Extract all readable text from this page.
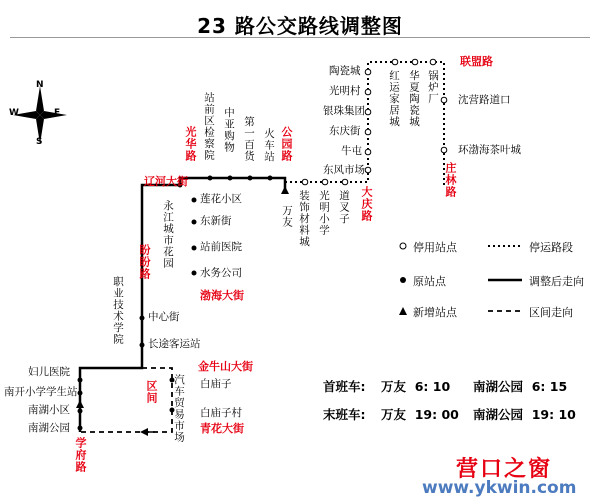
23 路公交路线调整图
N
S
E
W	站前区检察院 中亚购物 第一百货 火车站
光华路	公园路
辽河大街
万友
莲花小区
东新街
站前医院
水务公司
渤海大街
永江城市花园
盼盼路
职业技术学院 中心街
长途客运站
妇儿医院
南开小学学生站
南湖小区
南湖公园
学府路
金牛山大街
区间 汽车贸易市场 白庙子
白庙子村
青花大街
装饰材料城 光明小学 道叉子 大庆路
陶瓷城
光明村
银珠集团
东庆街
牛屯
东风市场
红运家居城 华夏陶瓷城 锅炉厂
联盟路
沈营路道口
环渤海茶叶城
庄林路
停用站点	停运路段
原站点	调整后走向
新增站点	区间走向
首班车: 万友  6: 10 南湖公园  6: 15
末班车: 万友  19: 00 南湖公园  19: 10
营口之窗
www.ykwin.com
